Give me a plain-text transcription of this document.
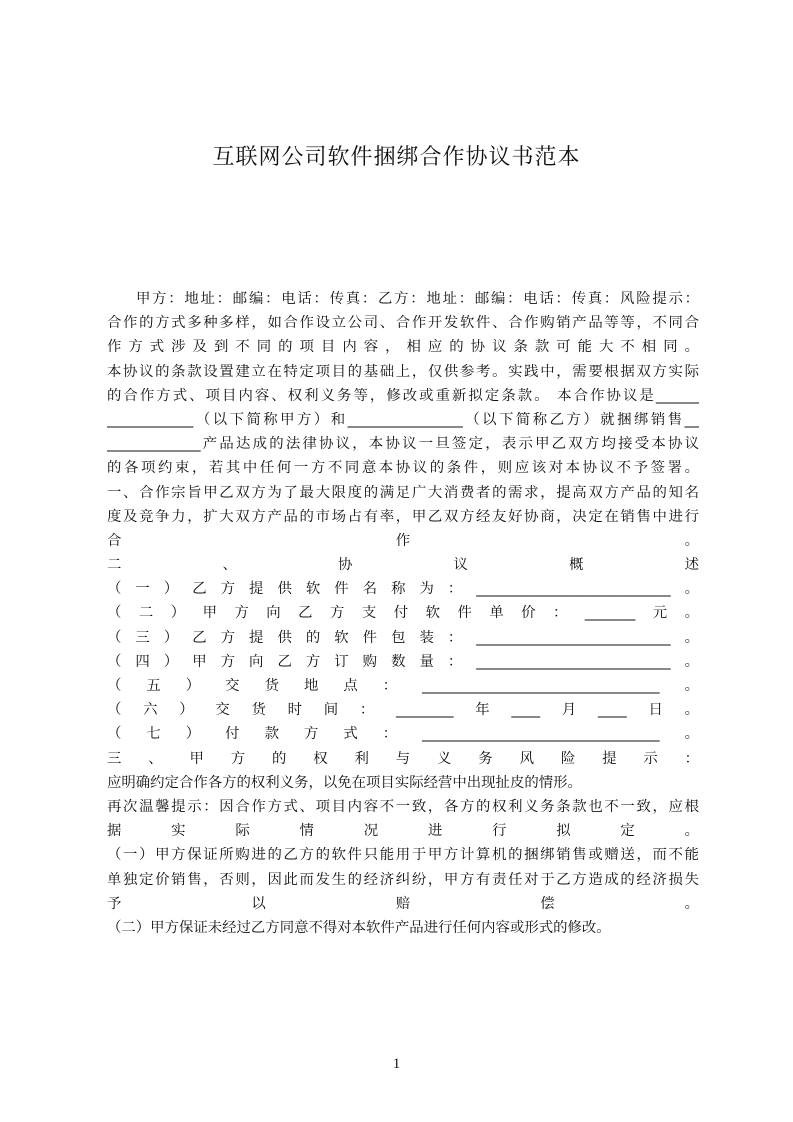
互联网公司软件捆绑合作协议书范本
甲方：地址：邮编：电话：传真：乙方：地址：邮编：电话：传真：风险提示：
合作的方式多种多样，如合作设立公司、合作开发软件、合作购销产品等等，不同合
作方式涉及到不同的项目内容，相应的协议条款可能大不相同。
本协议的条款设置建立在特定项目的基础上，仅供参考。实践中，需要根据双方实际
的合作方式、项目内容、权利义务等，修改或重新拟定条款。 本合作协议是______
____________（以下简称甲方）和________________（以下简称乙方）就捆绑销售__
_____________产品达成的法律协议，本协议一旦签定，表示甲乙双方均接受本协议
的各项约束，若其中任何一方不同意本协议的条件，则应该对本协议不予签署。
一、合作宗旨甲乙双方为了最大限度的满足广大消费者的需求，提高双方产品的知名
度及竞争力，扩大双方产品的市场占有率，甲乙双方经友好协商，决定在销售中进行
合作。
二、协议概述
（一）乙方提供软件名称为：___________________________。
（二）甲方向乙方支付软件单价：_______元。
（三）乙方提供的软件包装：___________________________。
（四）甲方向乙方订购数量：___________________________。
（五）交货地点：_________________________________。
（六）交货时间：________年____月____日。
（七）付款方式：_________________________________。
三、甲方的权利与义务风险提示：
应明确约定合作各方的权利义务，以免在项目实际经营中出现扯皮的情形。
再次温馨提示：因合作方式、项目内容不一致，各方的权利义务条款也不一致，应根
据实际情况进行拟定。
（一）甲方保证所购进的乙方的软件只能用于甲方计算机的捆绑销售或赠送，而不能
单独定价销售，否则，因此而发生的经济纠纷，甲方有责任对于乙方造成的经济损失
予以赔偿。
（二）甲方保证未经过乙方同意不得对本软件产品进行任何内容或形式的修改。
1
